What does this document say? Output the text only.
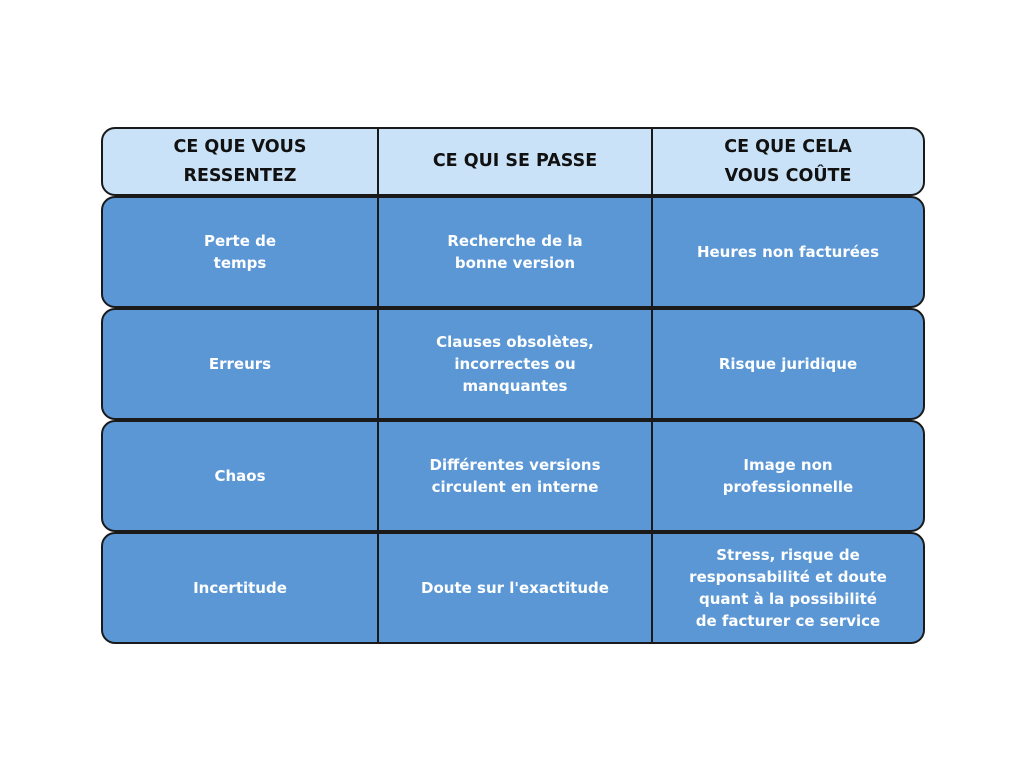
CE QUE VOUS
RESSENTEZ
CE QUI SE PASSE
CE QUE CELA
VOUS COÛTE
Perte de
temps
Recherche de la
bonne version
Heures non facturées
Erreurs
Clauses obsolètes,
incorrectes ou
manquantes
Risque juridique
Chaos
Différentes versions
circulent en interne
Image non
professionnelle
Incertitude	Doute sur l'exactitude
Stress, risque de
responsabilité et doute
quant à la possibilité
de facturer ce service
